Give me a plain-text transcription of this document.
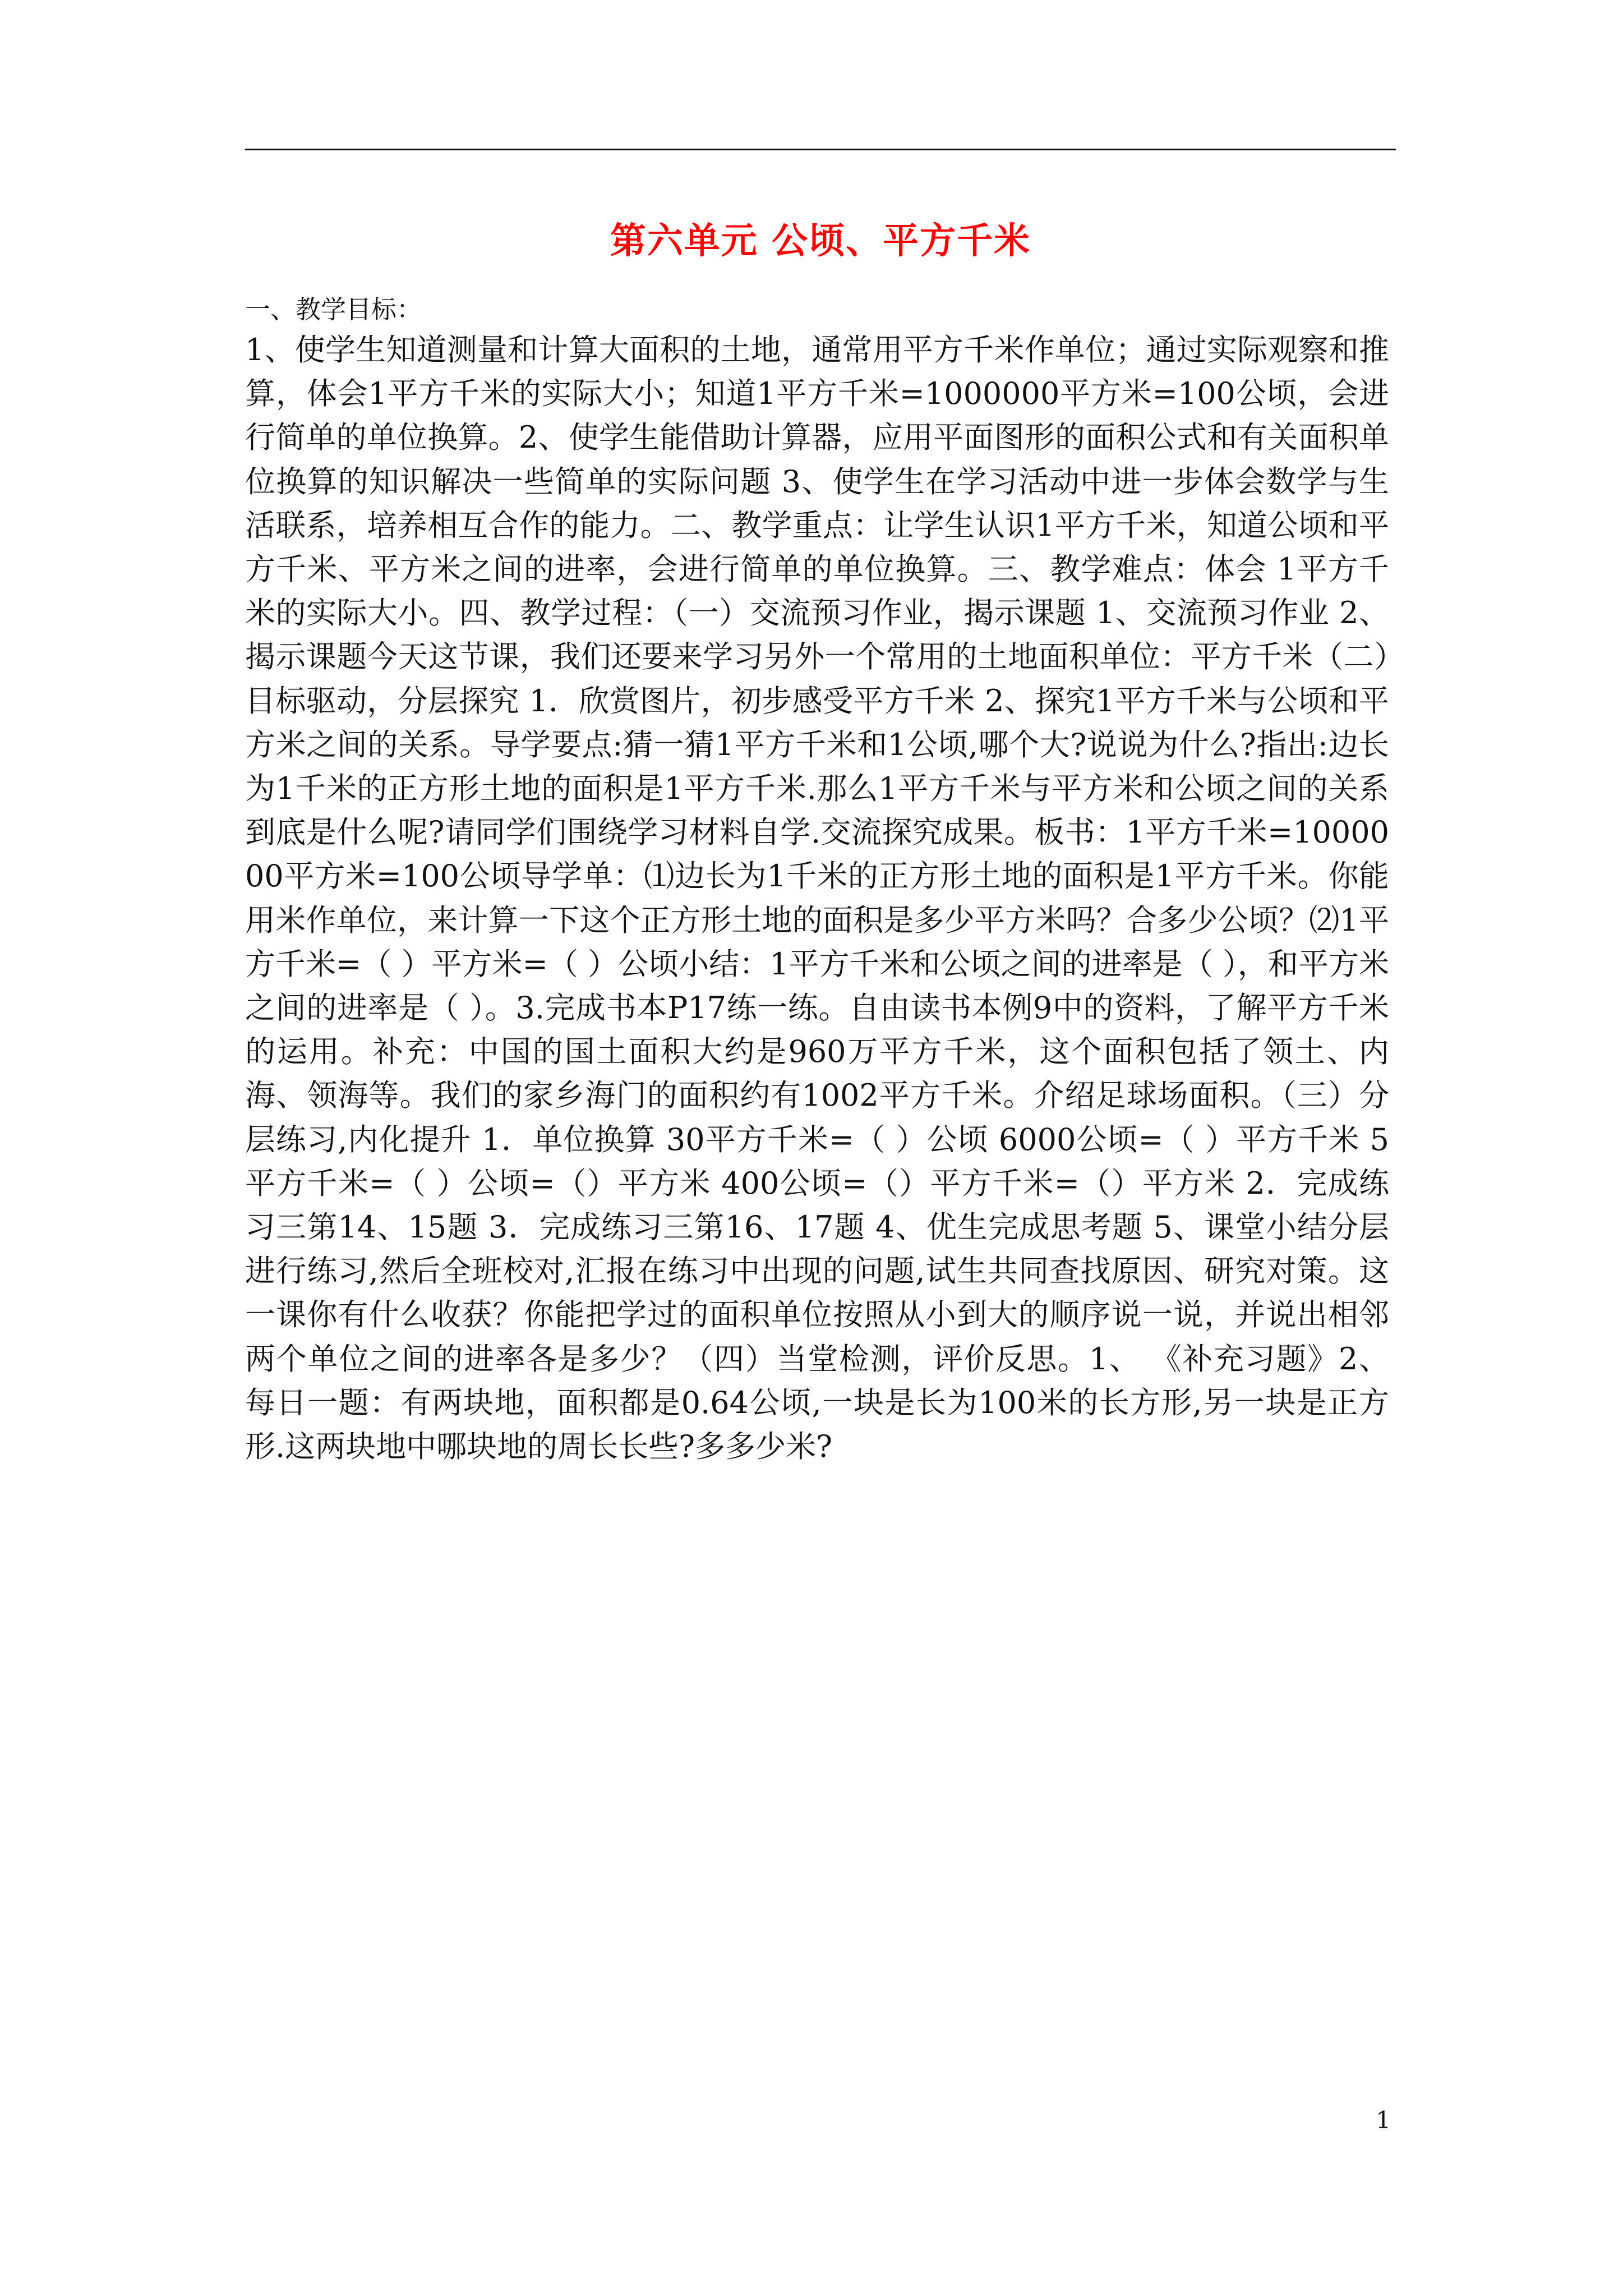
第六单元 公顷、平方千米

一、教学目标：

1、使学生知道测量和计算大面积的土地，通常用平方千米作单位；通过实际观察和推算，体会1平方千米的实际大小；知道1平方千米=1000000平方米=100公顷，会进行简单的单位换算。2、使学生能借助计算器，应用平面图形的面积公式和有关面积单位换算的知识解决一些简单的实际问题 3、使学生在学习活动中进一步体会数学与生活联系，培养相互合作的能力。二、教学重点：让学生认识1平方千米，知道公顷和平方千米、平方米之间的进率，会进行简单的单位换算。三、教学难点：体会 1平方千米的实际大小。四、教学过程：（一）交流预习作业，揭示课题 1、交流预习作业 2、揭示课题今天这节课，我们还要来学习另外一个常用的土地面积单位：平方千米（二）目标驱动，分层探究 1．欣赏图片，初步感受平方千米 2、探究1平方千米与公顷和平方米之间的关系。导学要点:猜一猜1平方千米和1公顷,哪个大?说说为什么?指出:边长为1千米的正方形土地的面积是1平方千米.那么1平方千米与平方米和公顷之间的关系到底是什么呢?请同学们围绕学习材料自学.交流探究成果。板书：1平方千米=1000000平方米=100公顷导学单：⑴边长为1千米的正方形土地的面积是1平方千米。你能用米作单位，来计算一下这个正方形土地的面积是多少平方米吗？合多少公顷？⑵1平方千米=（ ）平方米=（ ）公顷小结：1平方千米和公顷之间的进率是（ ），和平方米之间的进率是（ ）。3.完成书本P17练一练。自由读书本例9中的资料，了解平方千米的运用。补充：中国的国土面积大约是960万平方千米，这个面积包括了领土、内海、领海等。我们的家乡海门的面积约有1002平方千米。介绍足球场面积。（三）分层练习,内化提升 1．单位换算 30平方千米=（ ）公顷 6000公顷=（ ）平方千米 5平方千米=（ ）公顷=（）平方米 400公顷=（）平方千米=（）平方米 2．完成练习三第14、15题 3．完成练习三第16、17题 4、优生完成思考题 5、课堂小结分层进行练习,然后全班校对,汇报在练习中出现的问题,试生共同查找原因、研究对策。这一课你有什么收获？你能把学过的面积单位按照从小到大的顺序说一说，并说出相邻两个单位之间的进率各是多少？（四）当堂检测，评价反思。1、 《补充习题》2、 每日一题：有两块地，面积都是0.64公顷,一块是长为100米的长方形,另一块是正方形.这两块地中哪块地的周长长些?多多少米?

1
